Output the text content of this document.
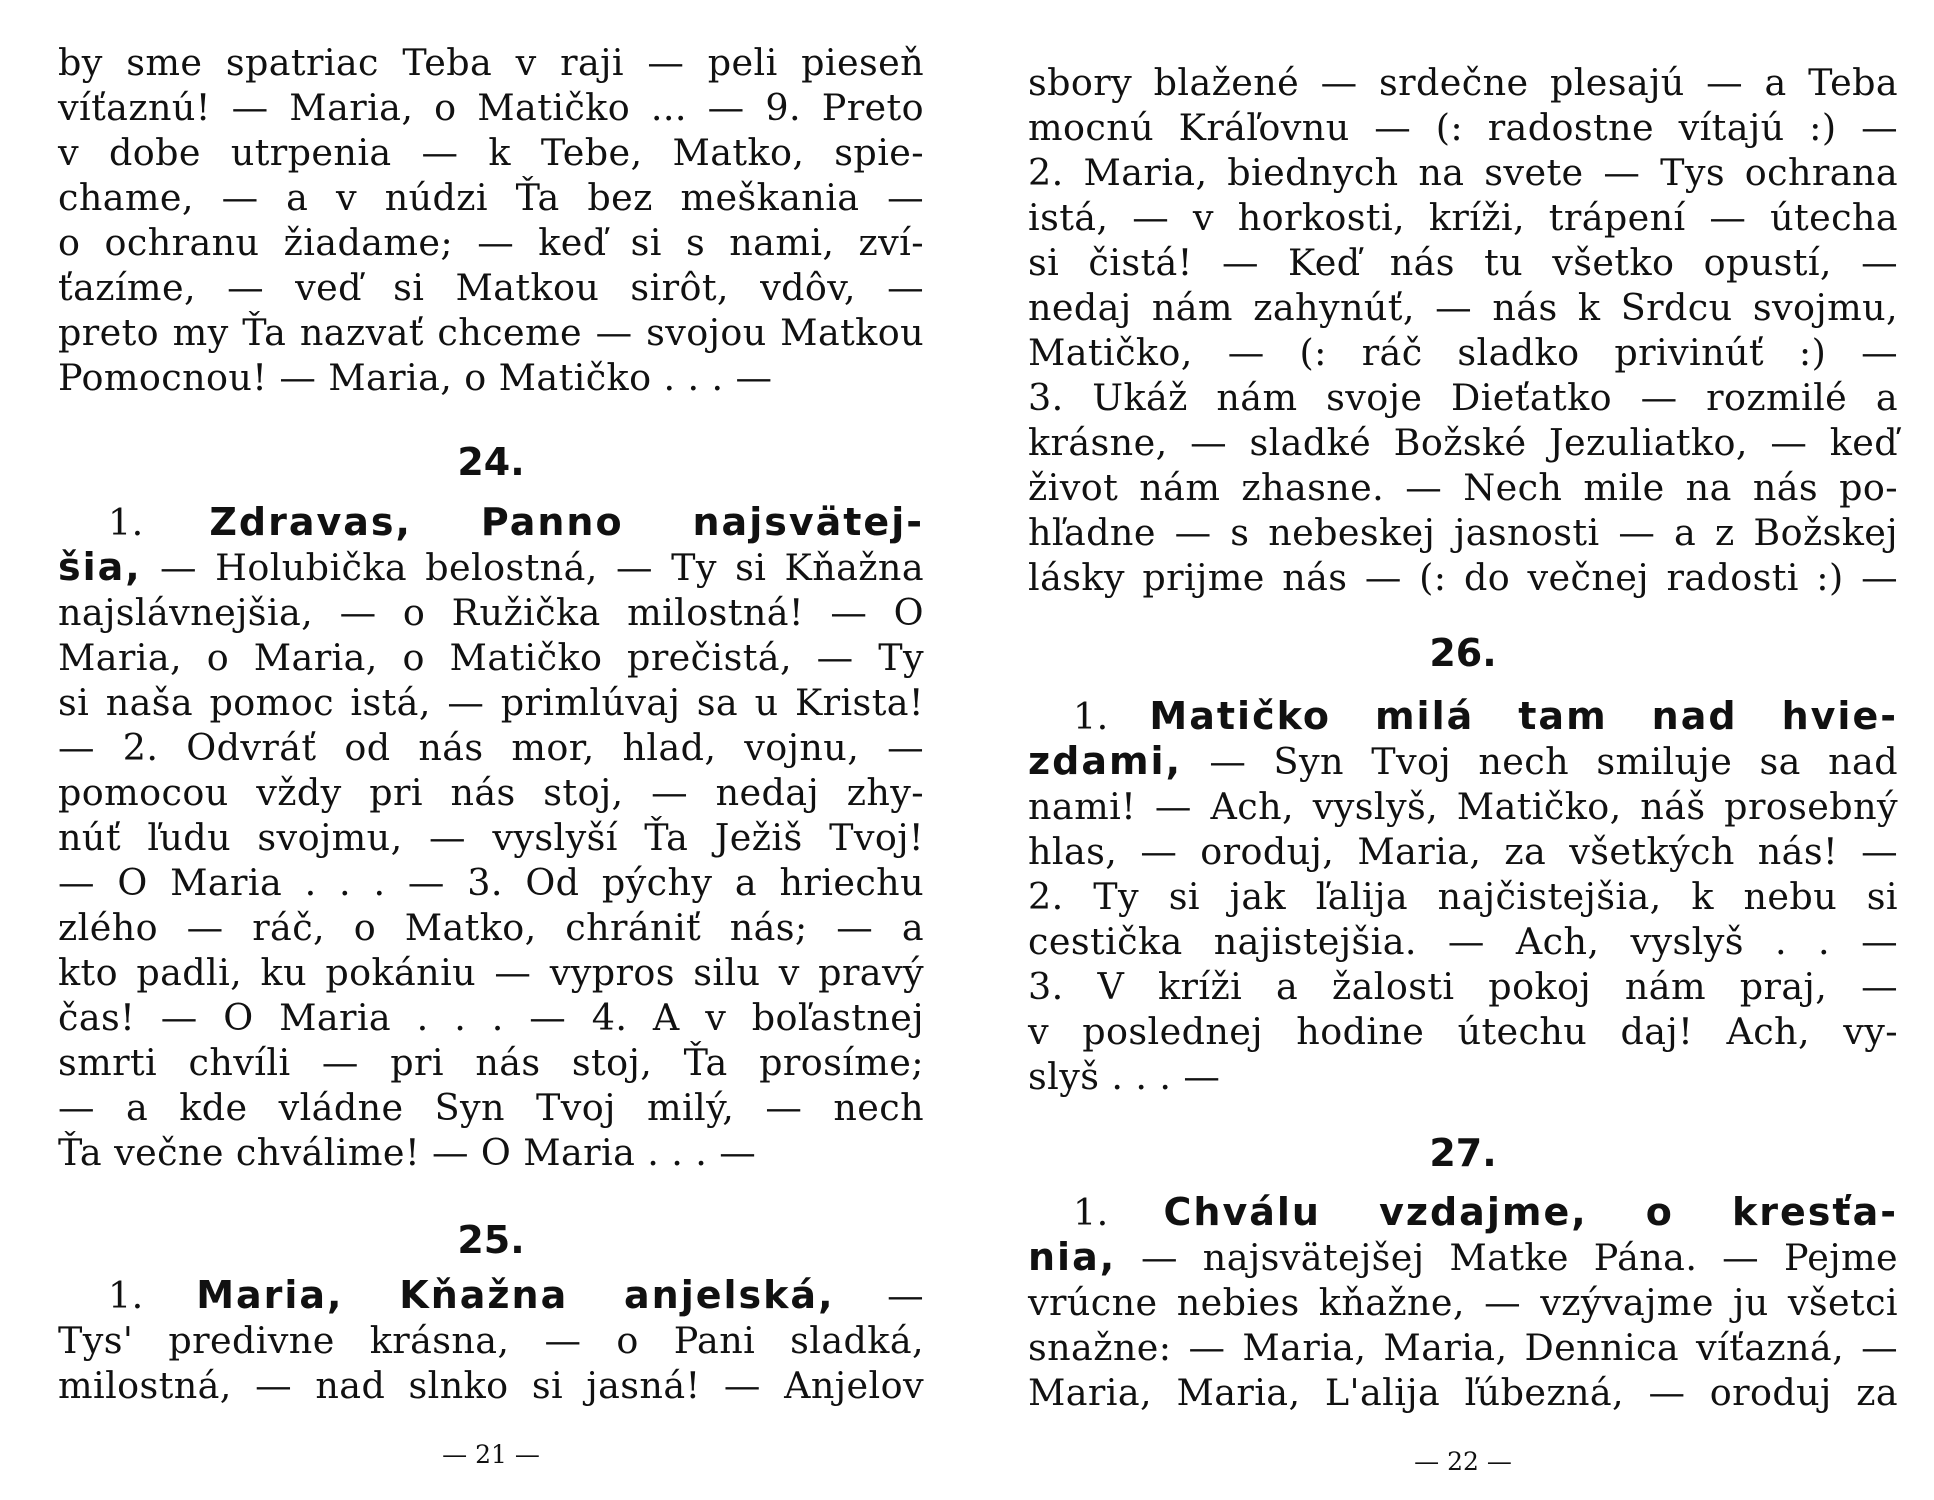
by sme spatriac Teba v raji — peli pieseň
víťaznú! — Maria, o Matičko ... — 9. Preto
v dobe utrpenia — k Tebe, Matko, spie-
chame, — a v núdzi Ťa bez meškania —
o ochranu žiadame; — keď si s nami, zví-
ťazíme, — veď si Matkou sirôt, vdôv, —
preto my Ťa nazvať chceme — svojou Matkou
Pomocnou! — Maria, o Matičko . . . —
24.
1. Zdravas, Panno najsvätej-
šia, — Holubička belostná, — Ty si Kňažna
najslávnejšia, — o Ružička milostná! — O
Maria, o Maria, o Matičko prečistá, — Ty
si naša pomoc istá, — primlúvaj sa u Krista!
— 2. Odvráť od nás mor, hlad, vojnu, —
pomocou vždy pri nás stoj, — nedaj zhy-
núť ľudu svojmu, — vyslyší Ťa Ježiš Tvoj!
— O Maria . . . — 3. Od pýchy a hriechu
zlého — ráč, o Matko, chrániť nás; — a
kto padli, ku pokániu — vypros silu v pravý
čas! — O Maria . . . — 4. A v boľastnej
smrti chvíli — pri nás stoj, Ťa prosíme;
— a kde vládne Syn Tvoj milý, — nech
Ťa večne chválime! — O Maria . . . —
25.
1. Maria, Kňažna anjelská, —
Tys' predivne krásna, — o Pani sladká,
milostná, — nad slnko si jasná! — Anjelov
— 21 —
sbory blažené — srdečne plesajú — a Teba
mocnú Kráľovnu — (: radostne vítajú :) —
2. Maria, biednych na svete — Tys ochrana
istá, — v horkosti, kríži, trápení — útecha
si čistá! — Keď nás tu všetko opustí, —
nedaj nám zahynúť, — nás k Srdcu svojmu,
Matičko, — (: ráč sladko privinúť :) —
3. Ukáž nám svoje Dieťatko — rozmilé a
krásne, — sladké Božské Jezuliatko, — keď
život nám zhasne. — Nech mile na nás po-
hľadne — s nebeskej jasnosti — a z Božskej
lásky prijme nás — (: do večnej radosti :) —
26.
1. Matičko milá tam nad hvie-
zdami, — Syn Tvoj nech smiluje sa nad
nami! — Ach, vyslyš, Matičko, náš prosebný
hlas, — oroduj, Maria, za všetkých nás! —
2. Ty si jak ľalija najčistejšia, k nebu si
cestička najistejšia. — Ach, vyslyš . . —
3. V kríži a žalosti pokoj nám praj, —
v poslednej hodine útechu daj! Ach, vy-
slyš . . . —
27.
1. Chválu vzdajme, o kresťa-
nia, — najsvätejšej Matke Pána. — Pejme
vrúcne nebies kňažne, — vzývajme ju všetci
snažne: — Maria, Maria, Dennica víťazná, —
Maria, Maria, L'alija ľúbezná, — oroduj za
— 22 —
